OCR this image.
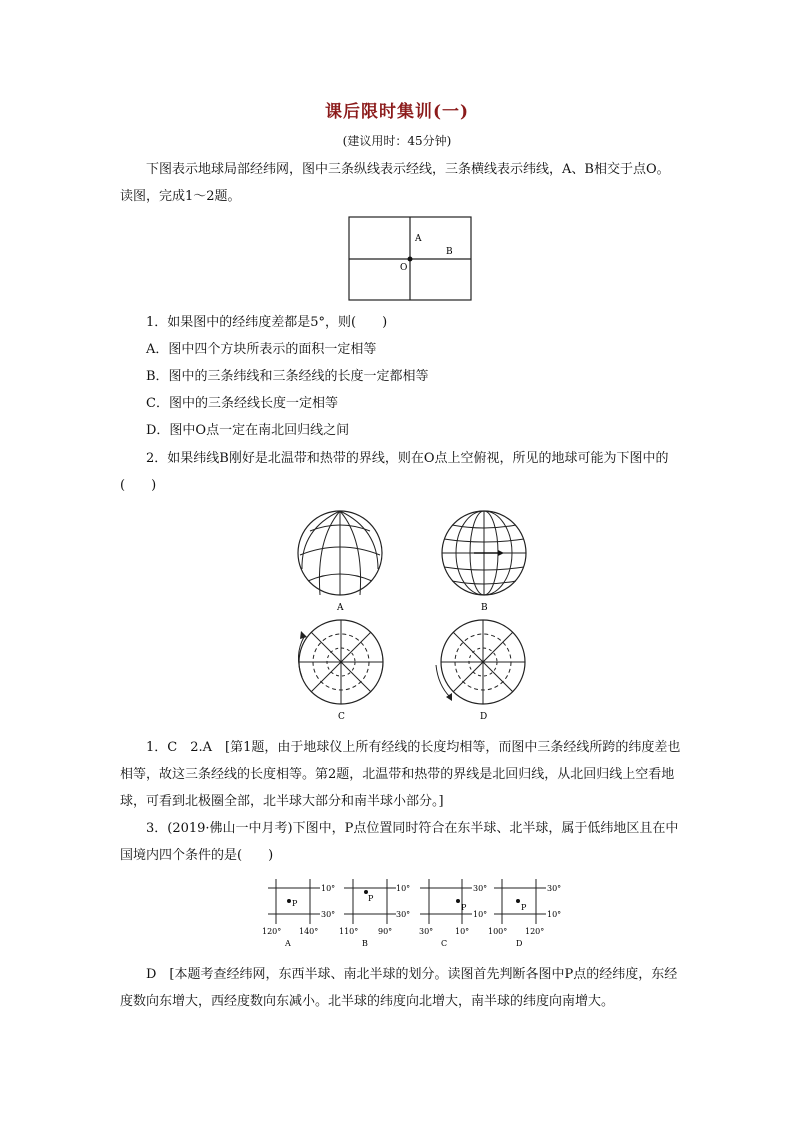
课后限时集训(一)
(建议用时：45分钟)
下图表示地球局部经纬网，图中三条纵线表示经线，三条横线表示纬线，A、B相交于点O。读图，完成1～2题。
A
B
O
1．如果图中的经纬度差都是5°，则(　　)
A．图中四个方块所表示的面积一定相等
B．图中的三条纬线和三条经线的长度一定都相等
C．图中的三条经线长度一定相等
D．图中O点一定在南北回归线之间
2．如果纬线B刚好是北温带和热带的界线，则在O点上空俯视，所见的地球可能为下图中的(　　)
A	B
C	D
1．C　2.A　[第1题，由于地球仪上所有经线的长度均相等，而图中三条经线所跨的纬度差也相等，故这三条经线的长度相等。第2题，北温带和热带的界线是北回归线，从北回归线上空看地球，可看到北极圈全部，北半球大部分和南半球小部分。]
3．(2019·佛山一中月考)下图中，P点位置同时符合在东半球、北半球，属于低纬地区且在中国境内四个条件的是(　　)
P
10°
30°
120° 140°
A
P
10°
30°
110° 90°
B
P
30°
10°
30°	10°
C
P
30°
10°
100° 120°
D
D　[本题考查经纬网，东西半球、南北半球的划分。读图首先判断各图中P点的经纬度，东经度数向东增大，西经度数向东减小。北半球的纬度向北增大，南半球的纬度向南增大。
